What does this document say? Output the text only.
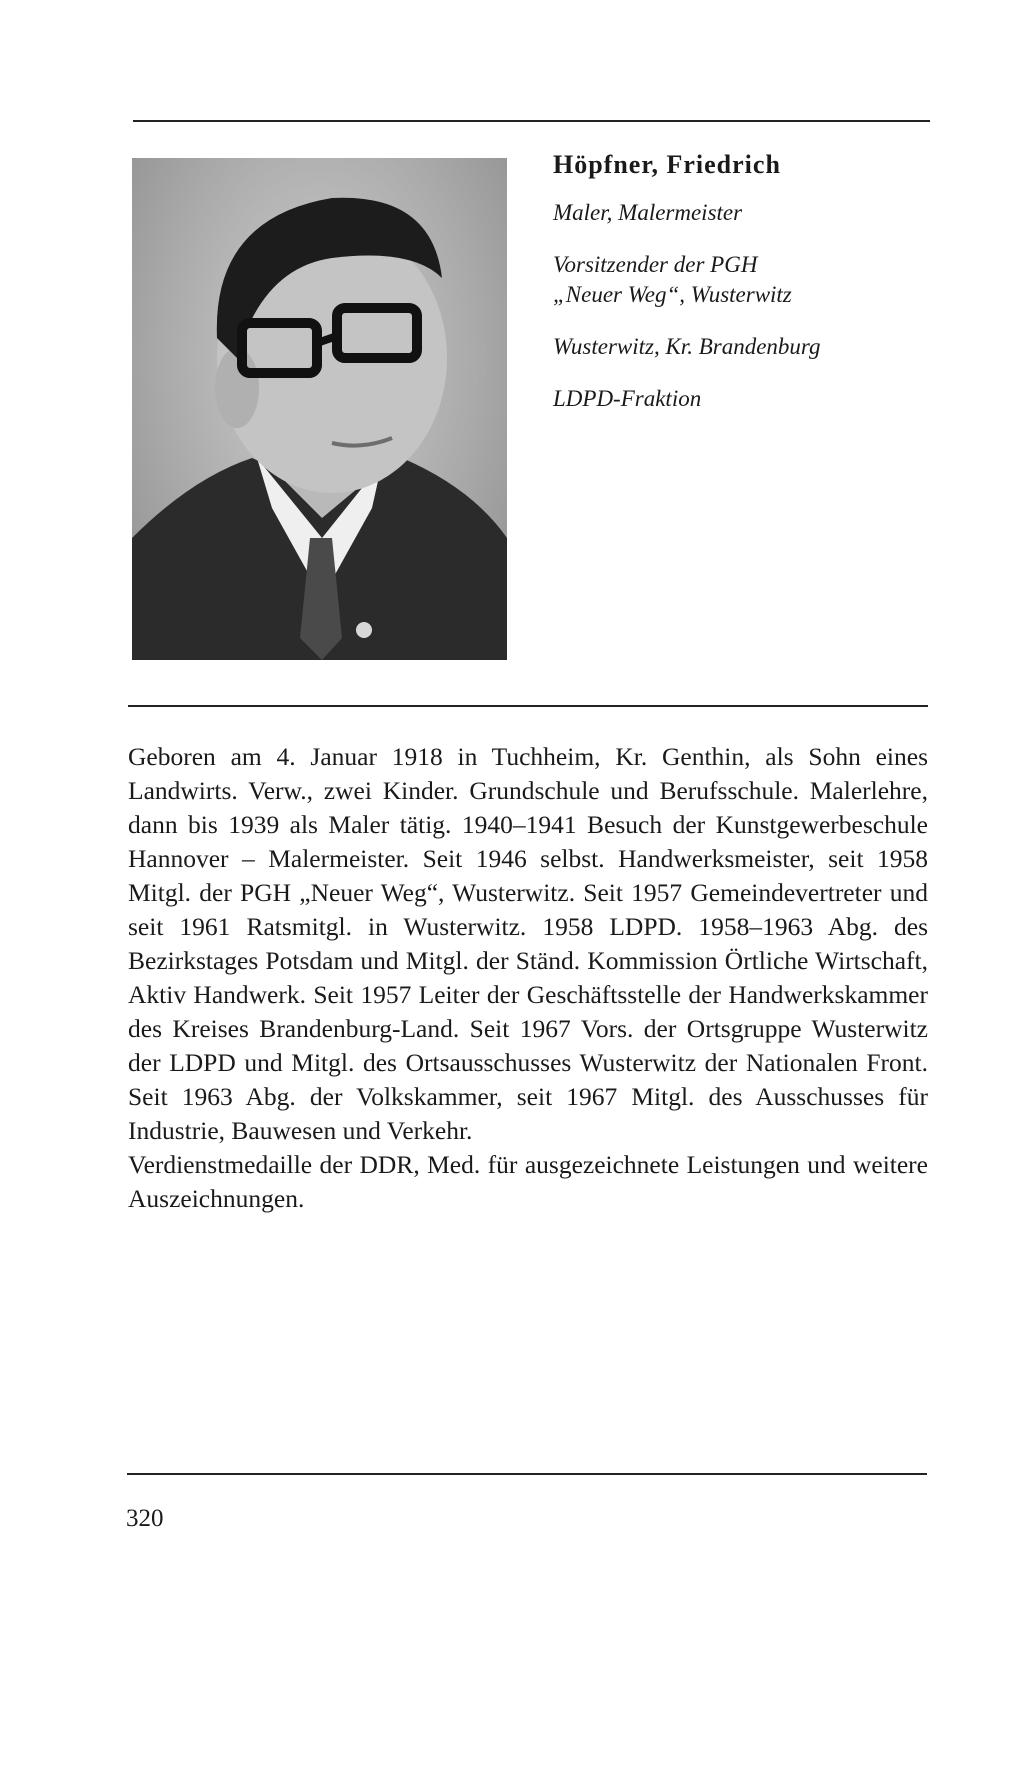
Höpfner, Friedrich

Maler, Malermeister

Vorsitzender der PGH

„Neuer Weg“, Wusterwitz

Wusterwitz, Kr. Brandenburg

LDPD-Fraktion

Geboren am 4. Januar 1918 in Tuchheim, Kr. Genthin, als Sohn eines Landwirts. Verw., zwei Kinder. Grundschule und Berufsschule. Malerlehre, dann bis 1939 als Maler tätig. 1940–1941 Besuch der Kunstgewerbeschule Hannover – Malermeister. Seit 1946 selbst. Handwerksmeister, seit 1958 Mitgl. der PGH „Neuer Weg“, Wusterwitz. Seit 1957 Gemeindevertreter und seit 1961 Ratsmitgl. in Wusterwitz. 1958 LDPD. 1958–1963 Abg. des Bezirkstages Potsdam und Mitgl. der Ständ. Kommission Örtliche Wirtschaft, Aktiv Handwerk. Seit 1957 Leiter der Geschäftsstelle der Handwerkskammer des Kreises Brandenburg-Land. Seit 1967 Vors. der Ortsgruppe Wusterwitz der LDPD und Mitgl. des Ortsausschusses Wusterwitz der Nationalen Front. Seit 1963 Abg. der Volkskammer, seit 1967 Mitgl. des Ausschusses für Industrie, Bauwesen und Verkehr.

Verdienstmedaille der DDR, Med. für ausgezeichnete Leistungen und weitere Auszeichnungen.

320
